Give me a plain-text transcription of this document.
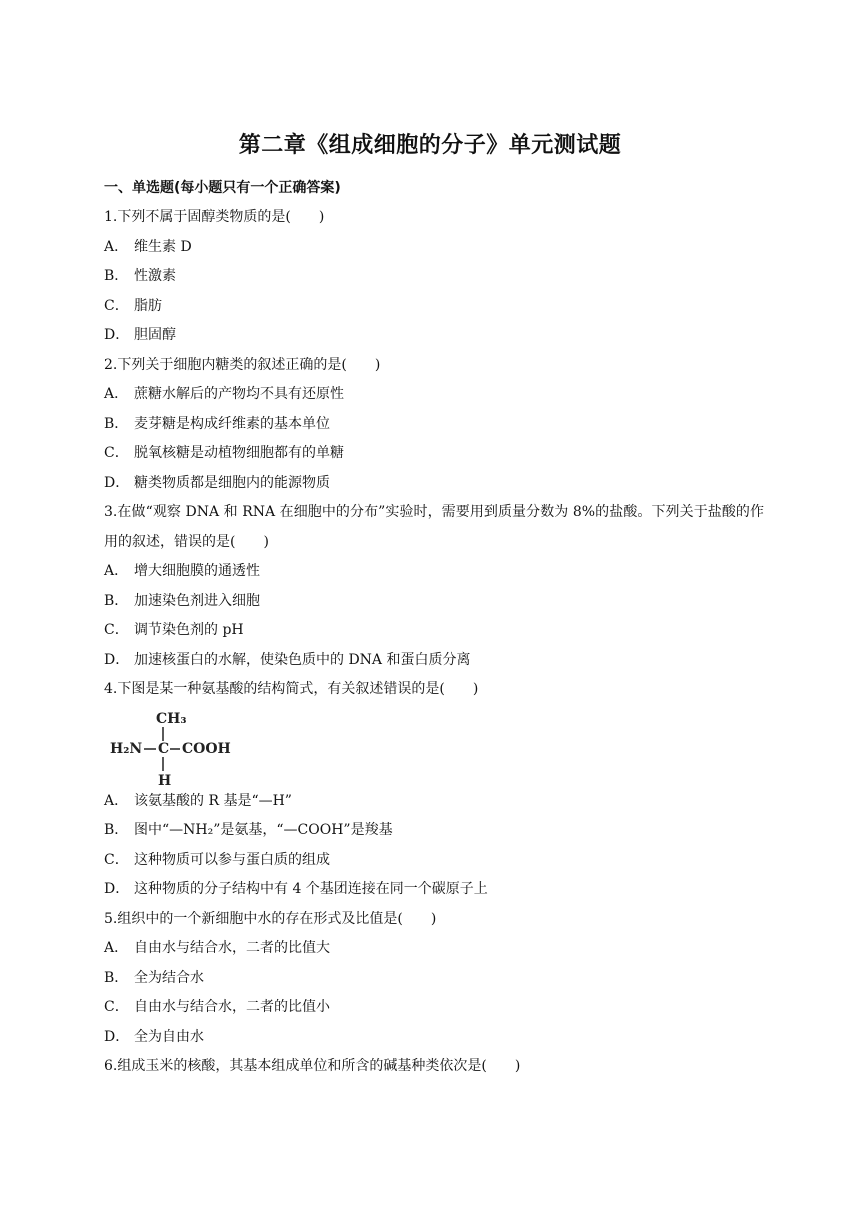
第二章《组成细胞的分子》单元测试题
一、单选题(每小题只有一个正确答案)
1.下列不属于固醇类物质的是(　　)
A． 维生素 D
B． 性激素
C． 脂肪
D． 胆固醇
2.下列关于细胞内糖类的叙述正确的是(　　)
A． 蔗糖水解后的产物均不具有还原性
B． 麦芽糖是构成纤维素的基本单位
C． 脱氧核糖是动植物细胞都有的单糖
D． 糖类物质都是细胞内的能源物质
3.在做“观察 DNA 和 RNA 在细胞中的分布”实验时，需要用到质量分数为 8%的盐酸。下列关于盐酸的作用的叙述，错误的是(　　)
A． 增大细胞膜的通透性
B． 加速染色剂进入细胞
C． 调节染色剂的 pH
D． 加速核蛋白的水解，使染色质中的 DNA 和蛋白质分离
4.下图是某一种氨基酸的结构简式，有关叙述错误的是(　　)
CH₃
H₂N C COOH
H
A． 该氨基酸的 R 基是“—H”
B． 图中“—NH₂”是氨基，“—COOH”是羧基
C． 这种物质可以参与蛋白质的组成
D． 这种物质的分子结构中有 4 个基团连接在同一个碳原子上
5.组织中的一个新细胞中水的存在形式及比值是(　　)
A． 自由水与结合水，二者的比值大
B． 全为结合水
C． 自由水与结合水，二者的比值小
D． 全为自由水
6.组成玉米的核酸，其基本组成单位和所含的碱基种类依次是(　　)
